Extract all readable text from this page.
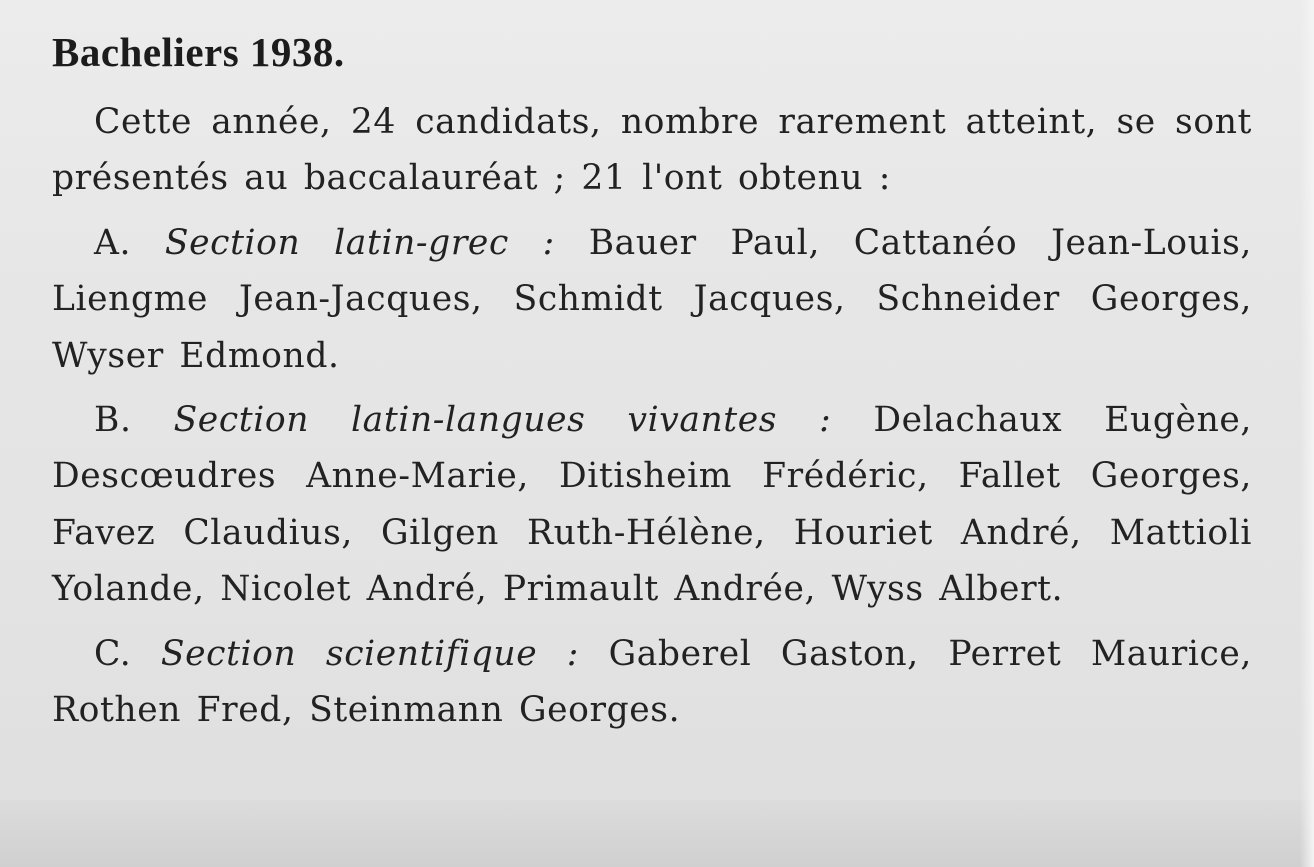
Bacheliers 1938.

Cette année, 24 candidats, nombre rarement atteint, se sont présentés au baccalauréat ; 21 l'ont obtenu :

A. Section latin-grec : Bauer Paul, Cattanéo Jean-Louis, Liengme Jean-Jacques, Schmidt Jacques, Schneider Georges, Wyser Edmond.

B. Section latin-langues vivantes : Delachaux Eugène, Descœudres Anne-Marie, Ditisheim Frédéric, Fallet Georges, Favez Claudius, Gilgen Ruth-Hélène, Houriet André, Mattioli Yolande, Nicolet André, Primault Andrée, Wyss Albert.

C. Section scientifique : Gaberel Gaston, Perret Maurice, Rothen Fred, Steinmann Georges.
